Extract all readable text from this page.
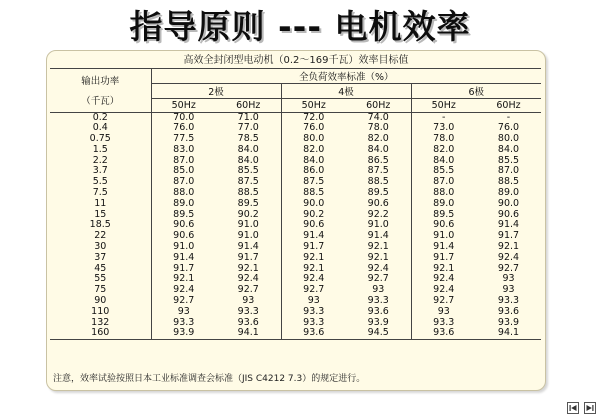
指导原则 --- 电机效率
高效全封闭型电动机（0.2～169千瓦）效率目标值
输出功率
（千瓦）	全负荷效率标准（%）					
	2极		4极		6极	
	50Hz	60Hz	50Hz	60Hz	50Hz	60Hz
0.2	70.0	71.0	72.0	74.0	-	-
0.4	76.0	77.0	76.0	78.0	73.0	76.0
0.75	77.5	78.5	80.0	82.0	78.0	80.0
1.5	83.0	84.0	82.0	84.0	82.0	84.0
2.2	87.0	84.0	84.0	86.5	84.0	85.5
3.7	85.0	85.5	86.0	87.5	85.5	87.0
5.5	87.0	87.5	87.5	88.5	87.0	88.5
7.5	88.0	88.5	88.5	89.5	88.0	89.0
11	89.0	89.5	90.0	90.6	89.0	90.0
15	89.5	90.2	90.2	92.2	89.5	90.6
18.5	90.6	91.0	90.6	91.0	90.6	91.4
22	90.6	91.0	91.4	91.4	91.0	91.7
30	91.0	91.4	91.7	92.1	91.4	92.1
37	91.4	91.7	92.1	92.1	91.7	92.4
45	91.7	92.1	92.1	92.4	92.1	92.7
55	92.1	92.4	92.4	92.7	92.4	93
75	92.4	92.7	92.7	93	92.4	93
90	92.7	93	93	93.3	92.7	93.3
110	93	93.3	93.3	93.6	93	93.6
132	93.3	93.6	93.3	93.9	93.3	93.9
160	93.9	94.1	93.6	94.5	93.6	94.1
注意，效率试验按照日本工业标准调查会标准（JIS C4212 7.3）的规定进行。
